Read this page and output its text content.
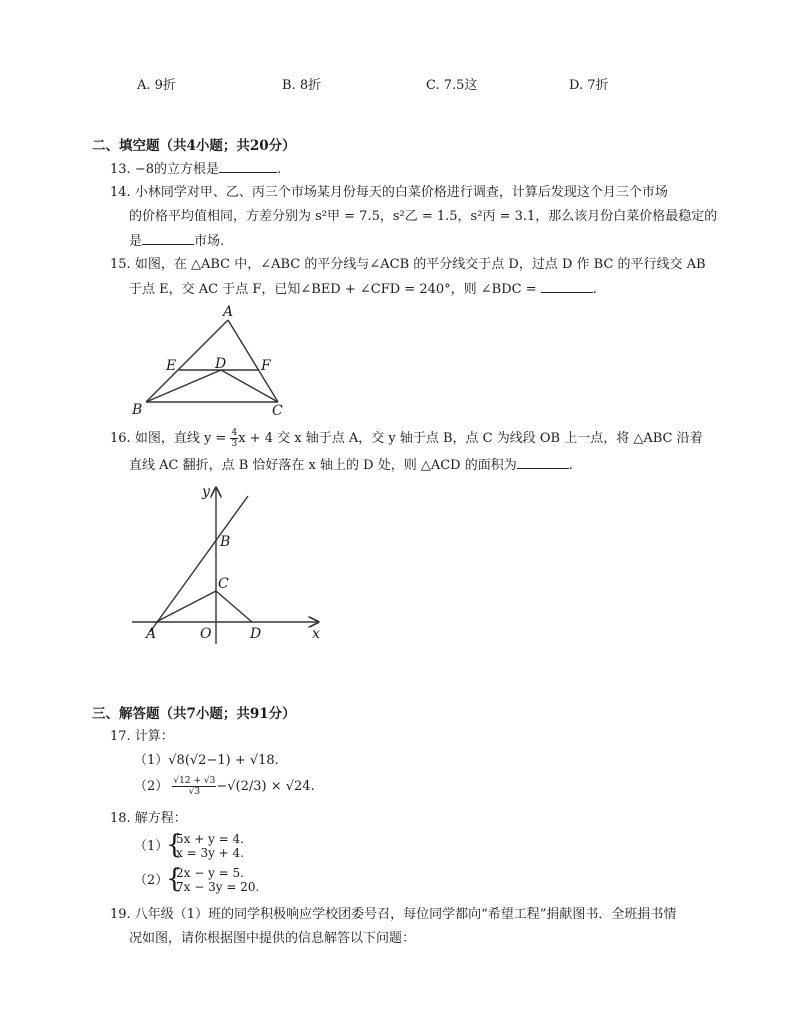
A. 9折	B. 8折	C. 7.5这	D. 7折
二、填空题（共4小题；共20分）
13. −8的立方根是	.
14. 小林同学对甲、乙、丙三个市场某月份每天的白菜价格进行调查，计算后发现这个月三个市场
的价格平均值相同，方差分别为 s²甲 = 7.5，s²乙 = 1.5，s²丙 = 3.1，那么该月份白菜价格最稳定的
是	市场.
15. 如图，在 △ABC 中，∠ABC 的平分线与∠ACB 的平分线交于点 D，过点 D 作 BC 的平行线交 AB
于点 E，交 AC 于点 F，已知∠BED + ∠CFD = 240°，则 ∠BDC =	.
A
E	D F
B	C
16. 如图，直线 $y = \frac{4}{3}$ x + 4 交 x 轴于点 A，交 y 轴于点 B，点 C 为线段 OB 上一点，将 △ABC 沿着
直线 AC 翻折，点 B 恰好落在 x 轴上的 D 处，则 △ACD 的面积为	.
y
B
C
A	O	D	x
三、解答题（共7小题；共91分）
17. 计算：
（1）√8(√2−1) + √18.
$(2) \frac{√12 + √3}{√3} -√(2/3) \times √24$.
18. 解方程：
（1）
{
5x + y = 4.
x = 3y + 4.
（2）
{
2x − y = 5.
7x − 3y = 20.
19. 八年级（1）班的同学积极响应学校团委号召，每位同学都向“希望工程”捐献图书．全班捐书情
况如图，请你根据图中提供的信息解答以下问题：
